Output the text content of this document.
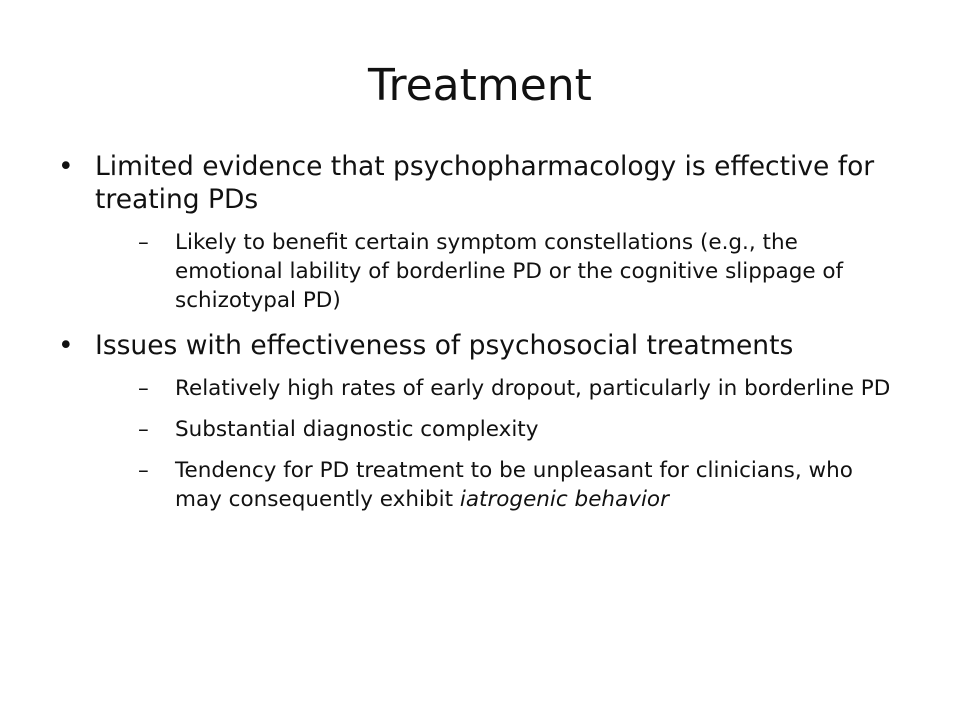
Treatment
• Limited evidence that psychopharmacology is effective for treating PDs
– Likely to benefit certain symptom constellations (e.g., the emotional lability of borderline PD or the cognitive slippage of schizotypal PD)
• Issues with effectiveness of psychosocial treatments
– Relatively high rates of early dropout, particularly in borderline PD
– Substantial diagnostic complexity
– Tendency for PD treatment to be unpleasant for clinicians, who may consequently exhibit iatrogenic behavior
